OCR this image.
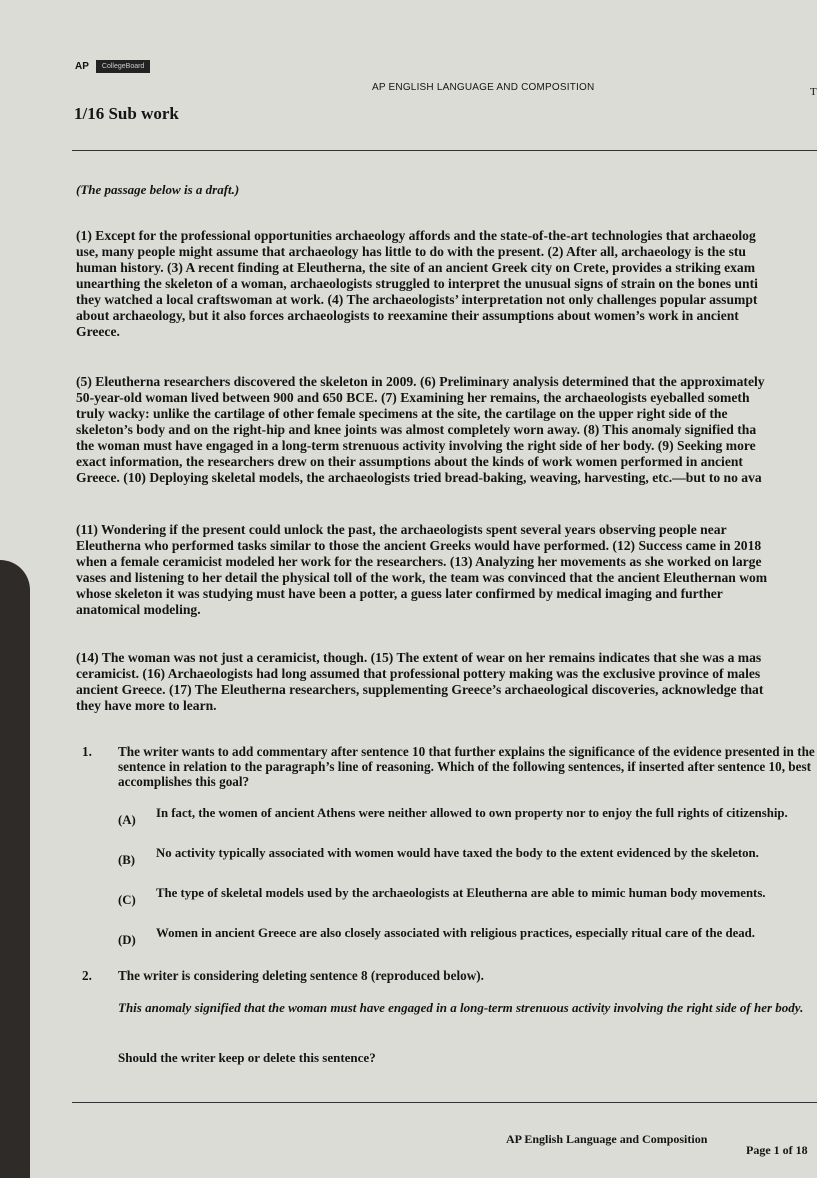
AP	CollegeBoard
AP ENGLISH LANGUAGE AND COMPOSITION	T
1/16 Sub work
(The passage below is a draft.)
(1) Except for the professional opportunities archaeology affords and the state-of-the-art technologies that archaeolog
use, many people might assume that archaeology has little to do with the present. (2) After all, archaeology is the stu
human history. (3) A recent finding at Eleutherna, the site of an ancient Greek city on Crete, provides a striking exam
unearthing the skeleton of a woman, archaeologists struggled to interpret the unusual signs of strain on the bones unti
they watched a local craftswoman at work. (4) The archaeologists’ interpretation not only challenges popular assumpt
about archaeology, but it also forces archaeologists to reexamine their assumptions about women’s work in ancient
Greece.
(5) Eleutherna researchers discovered the skeleton in 2009. (6) Preliminary analysis determined that the approximately
50-year-old woman lived between 900 and 650 BCE. (7) Examining her remains, the archaeologists eyeballed someth
truly wacky: unlike the cartilage of other female specimens at the site, the cartilage on the upper right side of the
skeleton’s body and on the right-hip and knee joints was almost completely worn away. (8) This anomaly signified tha
the woman must have engaged in a long-term strenuous activity involving the right side of her body. (9) Seeking more
exact information, the researchers drew on their assumptions about the kinds of work women performed in ancient
Greece. (10) Deploying skeletal models, the archaeologists tried bread-baking, weaving, harvesting, etc.—but to no ava
(11) Wondering if the present could unlock the past, the archaeologists spent several years observing people near
Eleutherna who performed tasks similar to those the ancient Greeks would have performed. (12) Success came in 2018
when a female ceramicist modeled her work for the researchers. (13) Analyzing her movements as she worked on large
vases and listening to her detail the physical toll of the work, the team was convinced that the ancient Eleuthernan wom
whose skeleton it was studying must have been a potter, a guess later confirmed by medical imaging and further
anatomical modeling.
(14) The woman was not just a ceramicist, though. (15) The extent of wear on her remains indicates that she was a mas
ceramicist. (16) Archaeologists had long assumed that professional pottery making was the exclusive province of males
ancient Greece. (17) The Eleutherna researchers, supplementing Greece’s archaeological discoveries, acknowledge that
they have more to learn.
1. The writer wants to add commentary after sentence 10 that further explains the significance of the evidence presented in the sentence in relation to the paragraph’s line of reasoning. Which of the following sentences, if inserted after sentence 10, best accomplishes this goal?
(A) In fact, the women of ancient Athens were neither allowed to own property nor to enjoy the full rights of citizenship.
(B) No activity typically associated with women would have taxed the body to the extent evidenced by the skeleton.
(C) The type of skeletal models used by the archaeologists at Eleutherna are able to mimic human body movements.
(D) Women in ancient Greece are also closely associated with religious practices, especially ritual care of the dead.
2. The writer is considering deleting sentence 8 (reproduced below).
This anomaly signified that the woman must have engaged in a long-term strenuous activity involving the right side of her body.
Should the writer keep or delete this sentence?
AP English Language and Composition
Page 1 of 18
